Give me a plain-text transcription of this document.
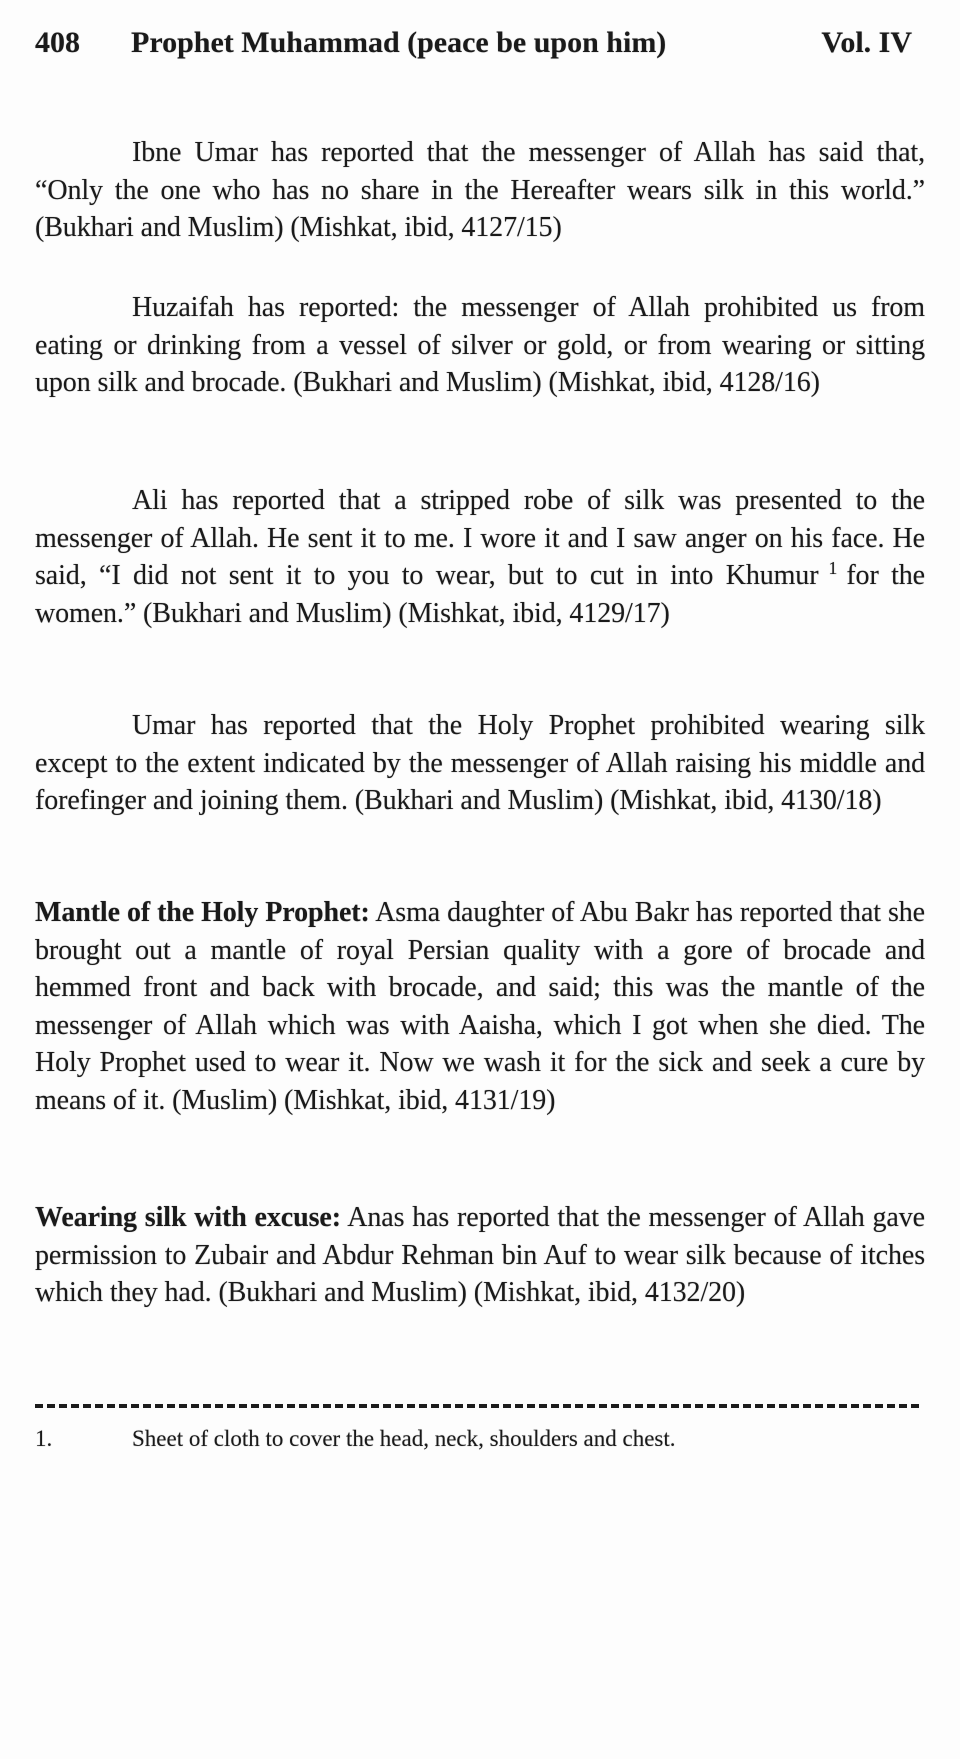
408	Prophet Muhammad (peace be upon him)	Vol. IV

Ibne Umar has reported that the messenger of Allah has said that, “Only the one who has no share in the Hereafter wears silk in this world.” (Bukhari and Muslim) (Mishkat, ibid, 4127/15)

Huzaifah has reported: the messenger of Allah prohibited us from eating or drinking from a vessel of silver or gold, or from wearing or sitting upon silk and brocade. (Bukhari and Muslim) (Mishkat, ibid, 4128/16)

Ali has reported that a stripped robe of silk was presented to the messenger of Allah. He sent it to me. I wore it and I saw anger on his face. He said, “I did not sent it to you to wear, but to cut in into Khumur $^1$ for the women.” (Bukhari and Muslim) (Mishkat, ibid, 4129/17)

Umar has reported that the Holy Prophet prohibited wearing silk except to the extent indicated by the messenger of Allah raising his middle and forefinger and joining them. (Bukhari and Muslim) (Mishkat, ibid, 4130/18)

Mantle of the Holy Prophet: Asma daughter of Abu Bakr has reported that she brought out a mantle of royal Persian quality with a gore of brocade and hemmed front and back with brocade, and said; this was the mantle of the messenger of Allah which was with Aaisha, which I got when she died. The Holy Prophet used to wear it. Now we wash it for the sick and seek a cure by means of it. (Muslim) (Mishkat, ibid, 4131/19)

Wearing silk with excuse: Anas has reported that the messenger of Allah gave permission to Zubair and Abdur Rehman bin Auf to wear silk because of itches which they had. (Bukhari and Muslim) (Mishkat, ibid, 4132/20)

1.	Sheet of cloth to cover the head, neck, shoulders and chest.
